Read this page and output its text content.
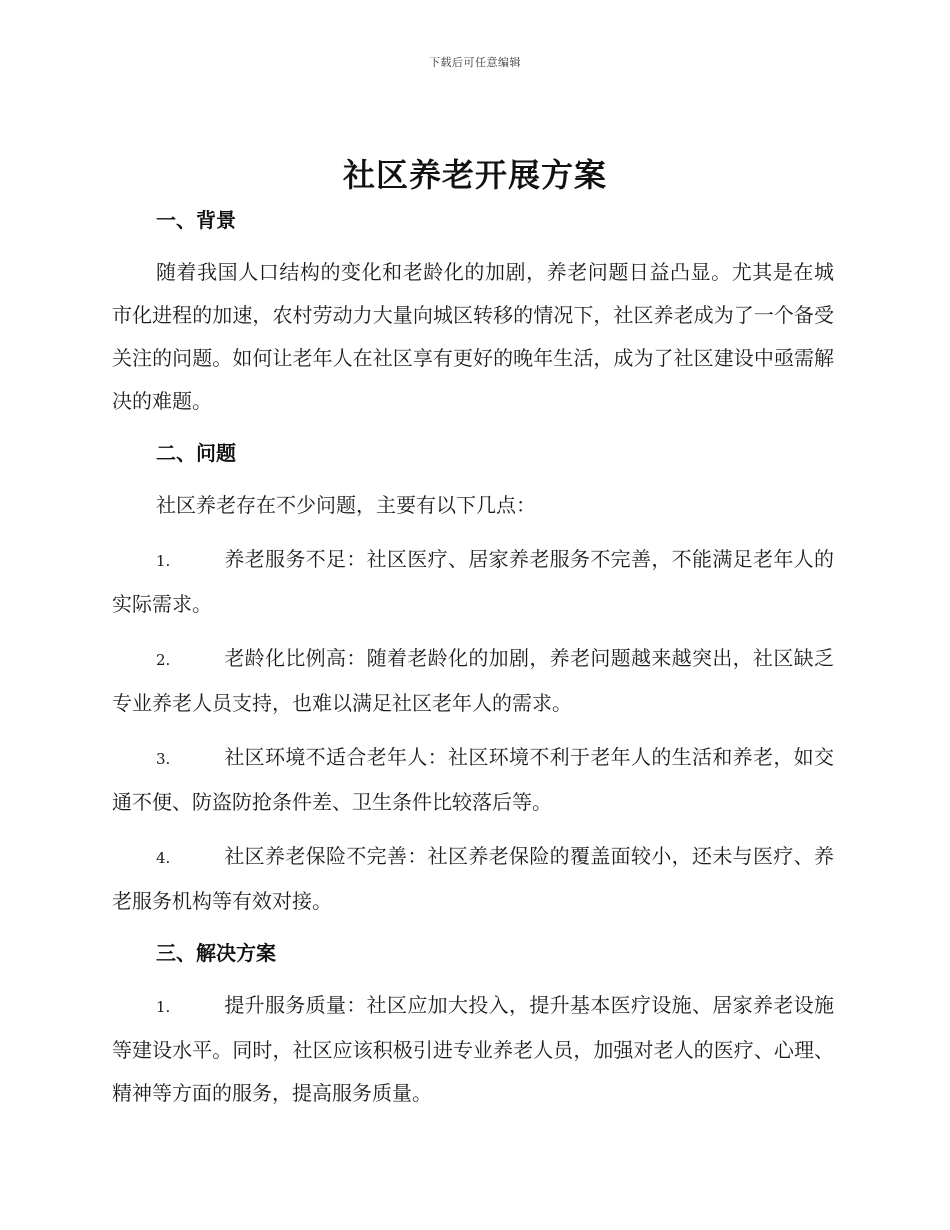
下载后可任意编辑
社区养老开展方案
一、背景

随着我国人口结构的变化和老龄化的加剧，养老问题日益凸显。尤其是在城市化进程的加速，农村劳动力大量向城区转移的情况下，社区养老成为了一个备受关注的问题。如何让老年人在社区享有更好的晚年生活，成为了社区建设中亟需解决的难题。

二、问题

社区养老存在不少问题，主要有以下几点：

1.	养老服务不足：社区医疗、居家养老服务不完善，不能满足老年人的实际需求。

2.	老龄化比例高：随着老龄化的加剧，养老问题越来越突出，社区缺乏专业养老人员支持，也难以满足社区老年人的需求。

3.	社区环境不适合老年人：社区环境不利于老年人的生活和养老，如交通不便、防盗防抢条件差、卫生条件比较落后等。

4.	社区养老保险不完善：社区养老保险的覆盖面较小，还未与医疗、养老服务机构等有效对接。

三、解决方案

1.	提升服务质量：社区应加大投入，提升基本医疗设施、居家养老设施等建设水平。同时，社区应该积极引进专业养老人员，加强对老人的医疗、心理、精神等方面的服务，提高服务质量。
